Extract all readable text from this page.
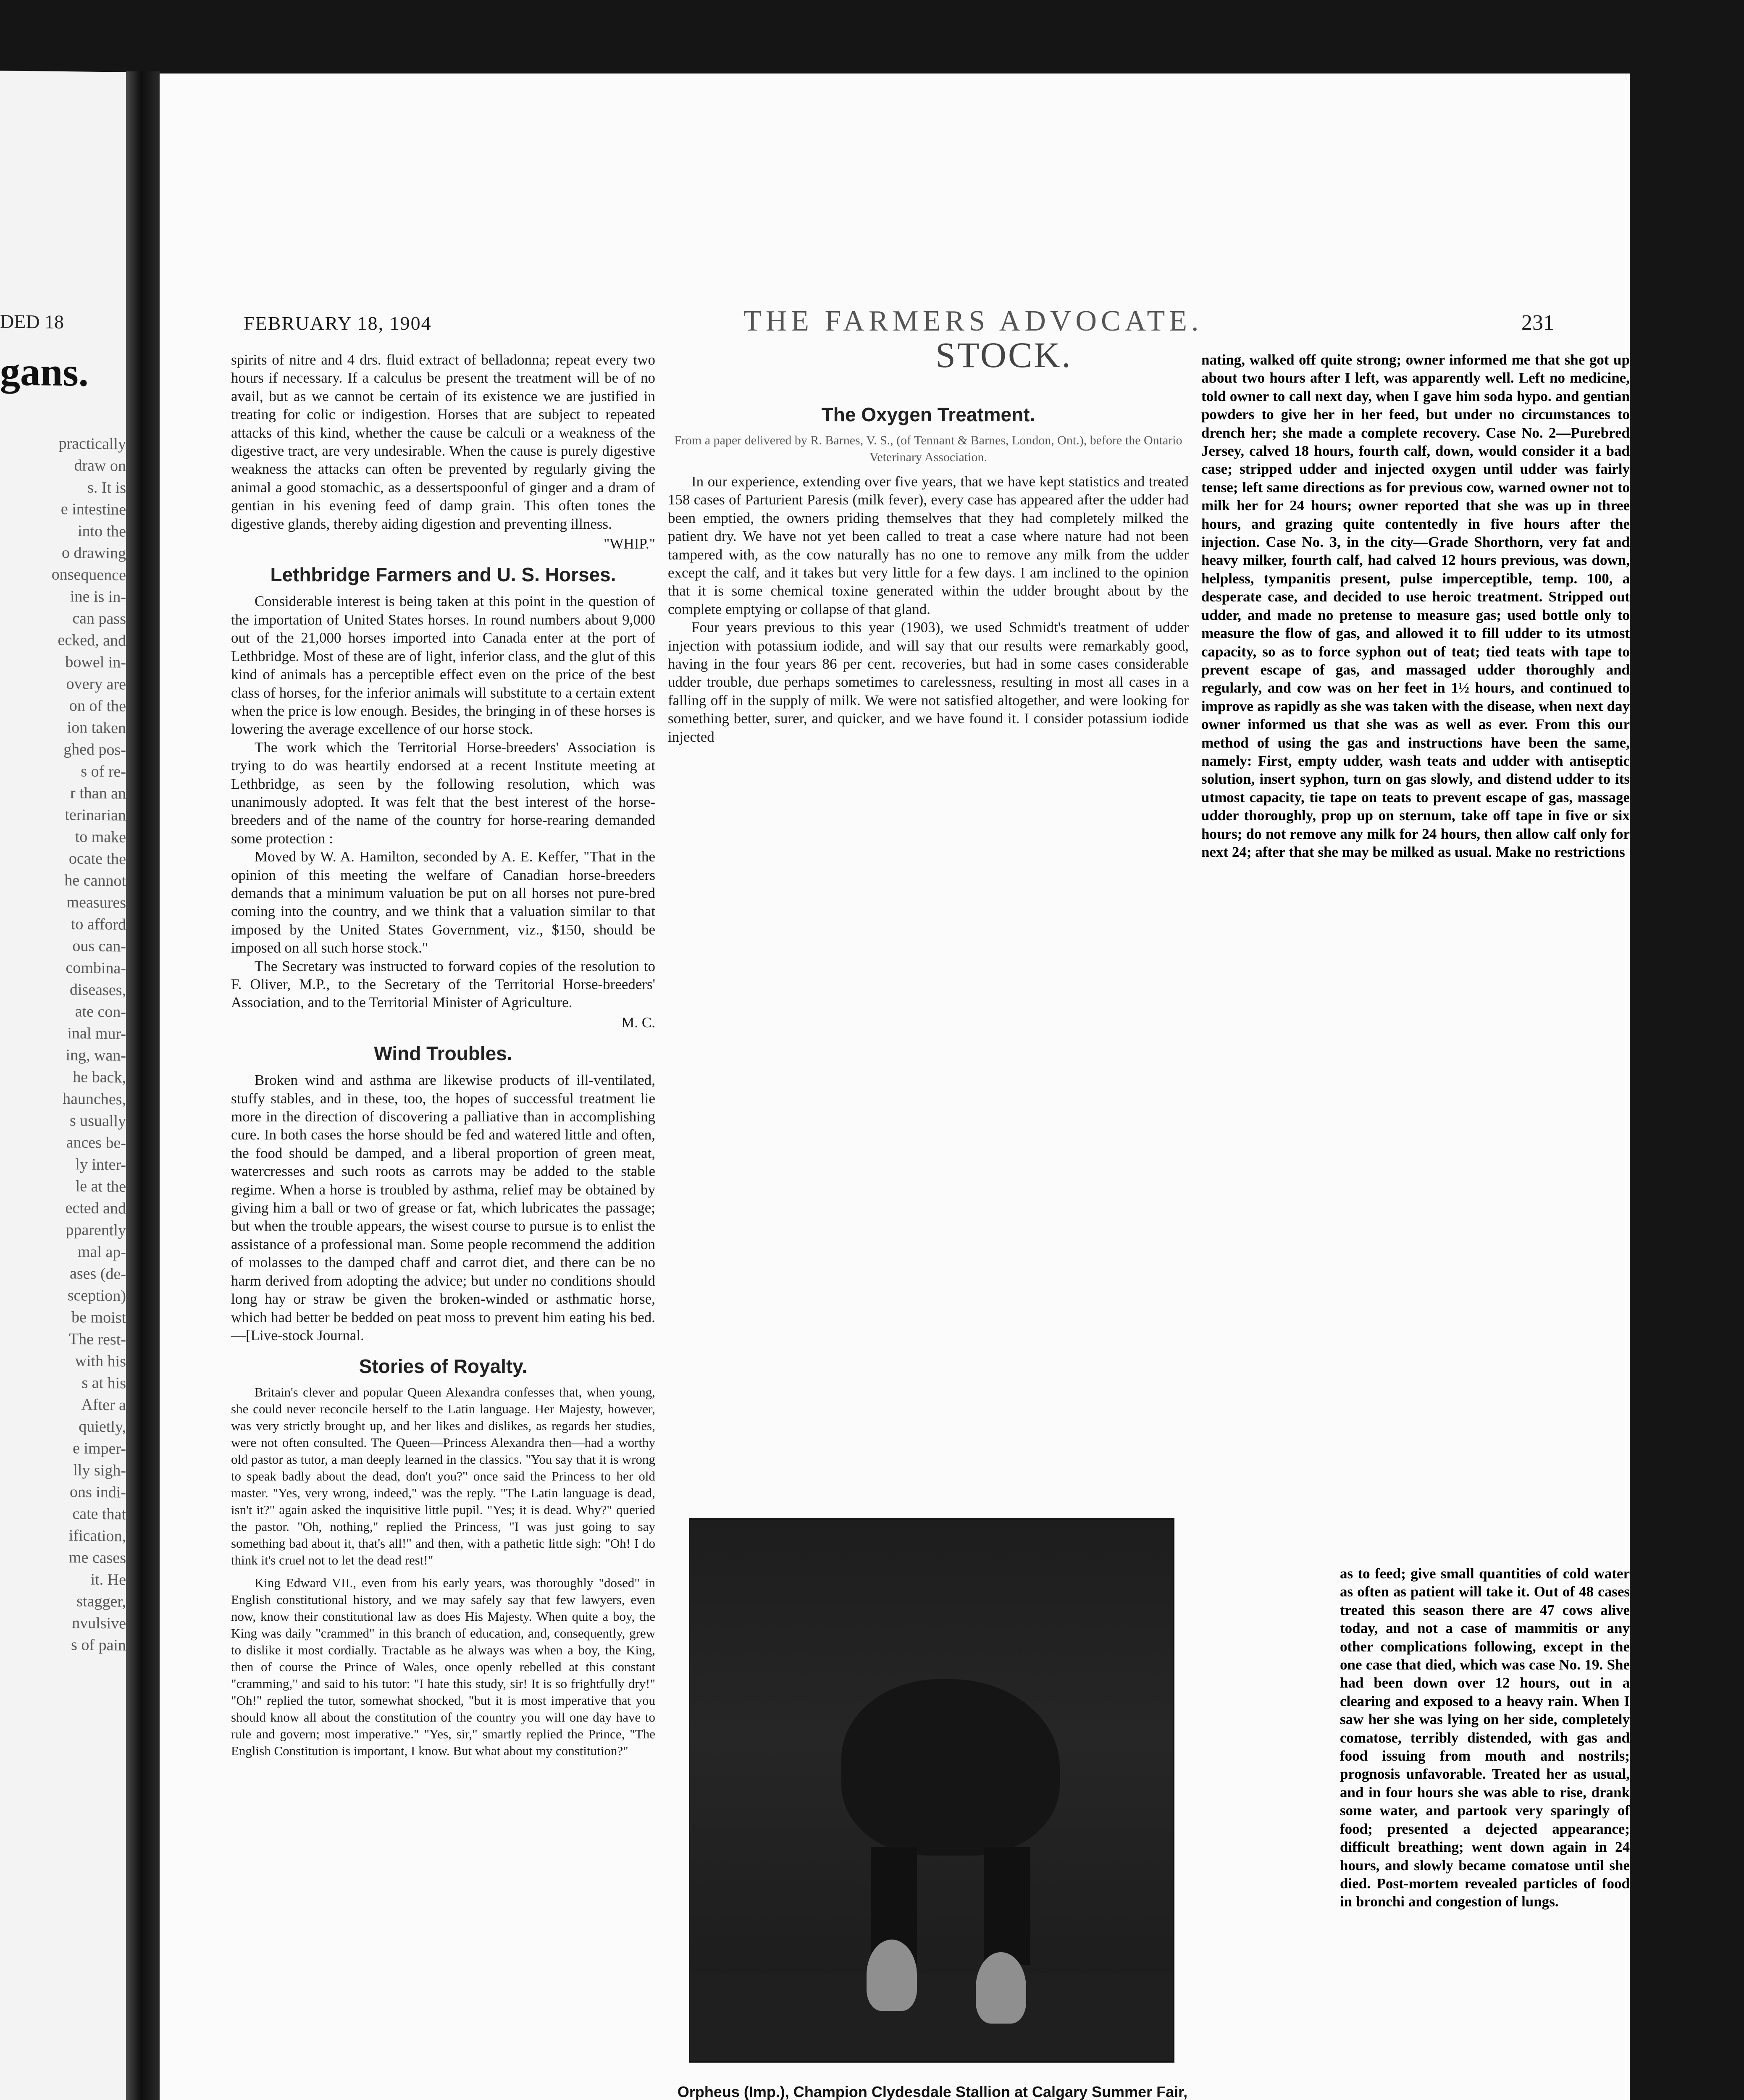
DED 18
gans.
practically
draw on
s. It is
e intestine
into the
o drawing
onsequence
ine is in-
can pass
ecked, and
bowel in-
overy are
on of the
ion taken
ghed pos-
s of re-
r than an
terinarian
to make
ocate the
he cannot
measures
to afford
ous can-
combina-
diseases,
ate con-
inal mur-
ing, wan-
he back,
haunches,
s usually
ances be-
ly inter-
le at the
ected and
pparently
mal ap-
ases (de-
sception)
be moist
The rest-
with his
s at his
After a
quietly,
e imper-
lly sigh-
ons indi-
cate that
ification,
me cases
it. He
stagger,
nvulsive
s of pain
FEBRUARY 18, 1904	THE FARMERS ADVOCATE.	231
STOCK.

spirits of nitre and 4 drs. fluid extract of belladonna; repeat every two hours if necessary. If a calculus be present the treatment will be of no avail, but as we cannot be certain of its existence we are justified in treating for colic or indigestion. Horses that are subject to repeated attacks of this kind, whether the cause be calculi or a weakness of the digestive tract, are very undesirable. When the cause is purely digestive weakness the attacks can often be prevented by regularly giving the animal a good stomachic, as a dessertspoonful of ginger and a dram of gentian in his evening feed of damp grain. This often tones the digestive glands, thereby aiding digestion and preventing illness.

"WHIP."
Lethbridge Farmers and U. S. Horses.

Considerable interest is being taken at this point in the question of the importation of United States horses. In round numbers about 9,000 out of the 21,000 horses imported into Canada enter at the port of Lethbridge. Most of these are of light, inferior class, and the glut of this kind of animals has a perceptible effect even on the price of the best class of horses, for the inferior animals will substitute to a certain extent when the price is low enough. Besides, the bringing in of these horses is lowering the average excellence of our horse stock.

The work which the Territorial Horse-breeders' Association is trying to do was heartily endorsed at a recent Institute meeting at Lethbridge, as seen by the following resolution, which was unanimously adopted. It was felt that the best interest of the horse-breeders and of the name of the country for horse-rearing demanded some protection :

Moved by W. A. Hamilton, seconded by A. E. Keffer, "That in the opinion of this meeting the welfare of Canadian horse-breeders demands that a minimum valuation be put on all horses not pure-bred coming into the country, and we think that a valuation similar to that imposed by the United States Government, viz., $150, should be imposed on all such horse stock."

The Secretary was instructed to forward copies of the resolution to F. Oliver, M.P., to the Secretary of the Territorial Horse-breeders' Association, and to the Territorial Minister of Agriculture.

M. C.
Wind Troubles.

Broken wind and asthma are likewise products of ill-ventilated, stuffy stables, and in these, too, the hopes of successful treatment lie more in the direction of discovering a palliative than in accomplishing cure. In both cases the horse should be fed and watered little and often, the food should be damped, and a liberal proportion of green meat, watercresses and such roots as carrots may be added to the stable regime. When a horse is troubled by asthma, relief may be obtained by giving him a ball or two of grease or fat, which lubricates the passage; but when the trouble appears, the wisest course to pursue is to enlist the assistance of a professional man. Some people recommend the addition of molasses to the damped chaff and carrot diet, and there can be no harm derived from adopting the advice; but under no conditions should long hay or straw be given the broken-winded or asthmatic horse, which had better be bedded on peat moss to prevent him eating his bed.—[Live-stock Journal.

Stories of Royalty.

Britain's clever and popular Queen Alexandra confesses that, when young, she could never reconcile herself to the Latin language. Her Majesty, however, was very strictly brought up, and her likes and dislikes, as regards her studies, were not often consulted. The Queen—Princess Alexandra then—had a worthy old pastor as tutor, a man deeply learned in the classics. "You say that it is wrong to speak badly about the dead, don't you?" once said the Princess to her old master. "Yes, very wrong, indeed," was the reply. "The Latin language is dead, isn't it?" again asked the inquisitive little pupil. "Yes; it is dead. Why?" queried the pastor. "Oh, nothing," replied the Princess, "I was just going to say something bad about it, that's all!" and then, with a pathetic little sigh: "Oh! I do think it's cruel not to let the dead rest!"

King Edward VII., even from his early years, was thoroughly "dosed" in English constitutional history, and we may safely say that few lawyers, even now, know their constitutional law as does His Majesty. When quite a boy, the King was daily "crammed" in this branch of education, and, consequently, grew to dislike it most cordially. Tractable as he always was when a boy, the King, then of course the Prince of Wales, once openly rebelled at this constant "cramming," and said to his tutor: "I hate this study, sir! It is so frightfully dry!" "Oh!" replied the tutor, somewhat shocked, "but it is most imperative that you should know all about the constitution of the country you will one day have to rule and govern; most imperative." "Yes, sir," smartly replied the Prince, "The English Constitution is important, I know. But what about my constitution?"

The Oxygen Treatment.
From a paper delivered by R. Barnes, V. S., (of Tennant & Barnes, London, Ont.), before the Ontario Veterinary Association.

In our experience, extending over five years, that we have kept statistics and treated 158 cases of Parturient Paresis (milk fever), every case has appeared after the udder had been emptied, the owners priding themselves that they had completely milked the patient dry. We have not yet been called to treat a case where nature had not been tampered with, as the cow naturally has no one to remove any milk from the udder except the calf, and it takes but very little for a few days. I am inclined to the opinion that it is some chemical toxine generated within the udder brought about by the complete emptying or collapse of that gland.

Four years previous to this year (1903), we used Schmidt's treatment of udder injection with potassium iodide, and will say that our results were remarkably good, having in the four years 86 per cent. recoveries, but had in some cases considerable udder trouble, due perhaps sometimes to carelessness, resulting in most all cases in a falling off in the supply of milk. We were not satisfied altogether, and were looking for something better, surer, and quicker, and we have found it. I consider potassium iodide injected

Orpheus (Imp.), Champion Clydesdale Stallion at Calgary Summer Fair,

nating, walked off quite strong; owner informed me that she got up about two hours after I left, was apparently well. Left no medicine, told owner to call next day, when I gave him soda hypo. and gentian powders to give her in her feed, but under no circumstances to drench her; she made a complete recovery. Case No. 2—Purebred Jersey, calved 18 hours, fourth calf, down, would consider it a bad case; stripped udder and injected oxygen until udder was fairly tense; left same directions as for previous cow, warned owner not to milk her for 24 hours; owner reported that she was up in three hours, and grazing quite contentedly in five hours after the injection. Case No. 3, in the city—Grade Shorthorn, very fat and heavy milker, fourth calf, had calved 12 hours previous, was down, helpless, tympanitis present, pulse imperceptible, temp. 100, a desperate case, and decided to use heroic treatment. Stripped out udder, and made no pretense to measure gas; used bottle only to measure the flow of gas, and allowed it to fill udder to its utmost capacity, so as to force syphon out of teat; tied teats with tape to prevent escape of gas, and massaged udder thoroughly and regularly, and cow was on her feet in 1½ hours, and continued to improve as rapidly as she was taken with the disease, when next day owner informed us that she was as well as ever. From this our method of using the gas and instructions have been the same, namely: First, empty udder, wash teats and udder with antiseptic solution, insert syphon, turn on gas slowly, and distend udder to its utmost capacity, tie tape on teats to prevent escape of gas, massage udder thoroughly, prop up on sternum, take off tape in five or six hours; do not remove any milk for 24 hours, then allow calf only for next 24; after that she may be milked as usual. Make no restrictions

as to feed; give small quantities of cold water as often as patient will take it. Out of 48 cases treated this season there are 47 cows alive today, and not a case of mammitis or any other complications following, except in the one case that died, which was case No. 19. She had been down over 12 hours, out in a clearing and exposed to a heavy rain. When I saw her she was lying on her side, completely comatose, terribly distended, with gas and food issuing from mouth and nostrils; prognosis unfavorable. Treated her as usual, and in four hours she was able to rise, drank some water, and partook very sparingly of food; presented a dejected appearance; difficult breathing; went down again in 24 hours, and slowly became comatose until she died. Post-mortem revealed particles of food in bronchi and congestion of lungs.
